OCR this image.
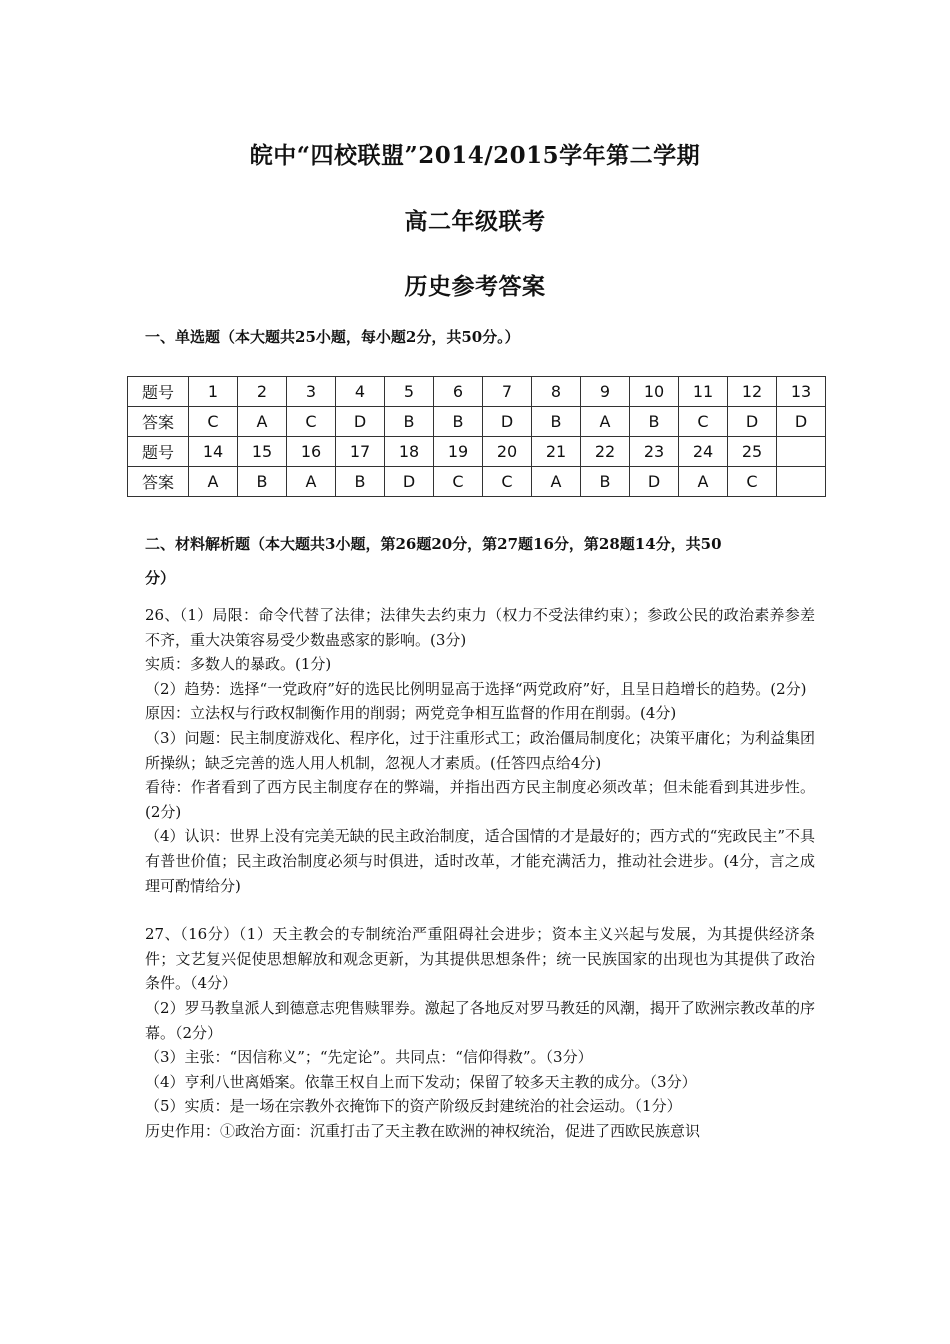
皖中“四校联盟”2014/2015学年第二学期
高二年级联考
历史参考答案
一、单选题（本大题共25小题，每小题2分，共50分。）
题号	1	2	3	4	5	6	7	8	9	10	11	12	13
答案	C	A	C	D	B	B	D	B	A	B	C	D	D
题号	14	15	16	17	18	19	20	21	22	23	24	25	
答案	A	B	A	B	D	C	C	A	B	D	A	C	
二、材料解析题（本大题共3小题，第26题20分，第27题16分，第28题14分，共50
分）

26、（1）局限：命令代替了法律；法律失去约束力（权力不受法律约束）；参政公民的政治素养参差不齐，重大决策容易受少数蛊惑家的影响。(3分)

实质：多数人的暴政。(1分)

（2）趋势：选择“一党政府”好的选民比例明显高于选择“两党政府”好，且呈日趋增长的趋势。(2分)

原因：立法权与行政权制衡作用的削弱；两党竞争相互监督的作用在削弱。(4分)

（3）问题：民主制度游戏化、程序化，过于注重形式工；政治僵局制度化；决策平庸化；为利益集团所操纵；缺乏完善的选人用人机制，忽视人才素质。(任答四点给4分)

看待：作者看到了西方民主制度存在的弊端，并指出西方民主制度必须改革；但未能看到其进步性。(2分)

（4）认识：世界上没有完美无缺的民主政治制度，适合国情的才是最好的；西方式的“宪政民主”不具有普世价值；民主政治制度必须与时俱进，适时改革，才能充满活力，推动社会进步。(4分，言之成理可酌情给分)

27、（16分）（1）天主教会的专制统治严重阻碍社会进步；资本主义兴起与发展，为其提供经济条件；文艺复兴促使思想解放和观念更新，为其提供思想条件；统一民族国家的出现也为其提供了政治条件。（4分）

（2）罗马教皇派人到德意志兜售赎罪券。激起了各地反对罗马教廷的风潮，揭开了欧洲宗教改革的序幕。（2分）

（3）主张：“因信称义”；“先定论”。共同点：“信仰得救”。（3分）

（4）亨利八世离婚案。依靠王权自上而下发动；保留了较多天主教的成分。（3分）

（5）实质：是一场在宗教外衣掩饰下的资产阶级反封建统治的社会运动。（1分）

历史作用：①政治方面：沉重打击了天主教在欧洲的神权统治，促进了西欧民族意识
